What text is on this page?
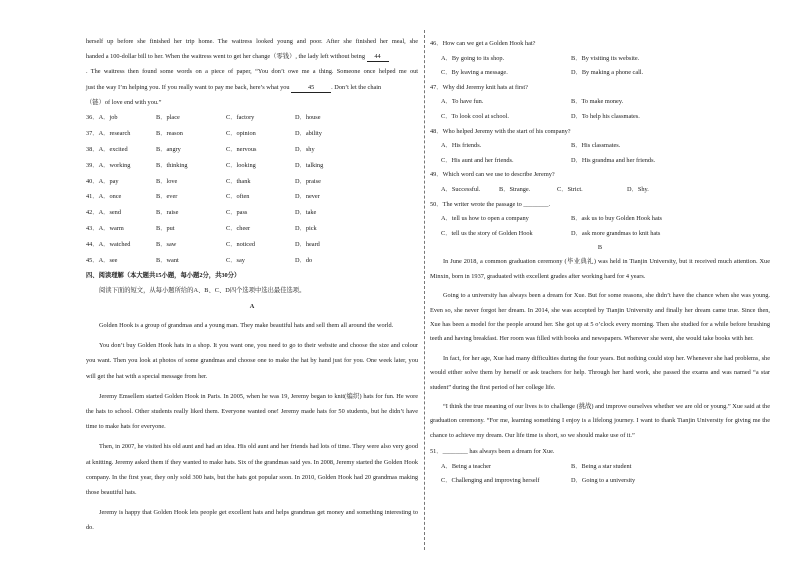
herself up before she finished her trip home. The waitress looked young and poor. After she finished her meal, she

handed a 100-dollar bill to her. When the waitress went to get her change（零钱）, the lady left without being 44

. The waitress then found some words on a piece of paper, “You don’t owe me a thing. Someone once helped me out

just the way I’m helping you. If you really want to pay me back, here’s what you	45	. Don’t let the chain

（链）of love end with you.”

36．A．job	B．place	C．factory	D．house
37．A．research	B．reason	C．opinion	D．ability
38．A．excited	B．angry	C．nervous	D．shy
39．A．working	B．thinking	C．looking	D．talking
40．A．pay	B．love	C．thank	D．praise
41．A．once	B．ever	C．often	D．never
42．A．send	B．raise	C．pass	D．take
43．A．warm	B．put	C．cheer	D．pick
44．A．watched	B．saw	C．noticed	D．heard
45．A．see	B．want	C．say	D．do

四、阅读理解（本大题共15小题，每小题2分，共30分）

阅读下面的短文，从每小题所给的A、B、C、D四个选项中选出最佳选项。

A

Golden Hook is a group of grandmas and a young man. They make beautiful hats and sell them all around the world.

You don’t buy Golden Hook hats in a shop. It you want one, you need to go to their website and choose the size and colour you want. Then you look at photos of some grandmas and choose one to make the hat by hand just for you. One week later, you will get the hat with a special message from her.

Jeremy Emsellem started Golden Hook in Paris. In 2005, when he was 19, Jeremy began to knit(编织) hats for fun. He wore the hats to school. Other students really liked them. Everyone wanted one! Jeremy made hats for 50 students, but he didn’t have time to make hats for everyone.

Then, in 2007, he visited his old aunt and had an idea. His old aunt and her friends had lots of time. They were also very good at knitting. Jeremy asked them if they wanted to make hats. Six of the grandmas said yes. In 2008, Jeremy started the Golden Hook company. In the first year, they only sold 300 hats, but the hats got popular soon. In 2010, Golden Hook had 20 grandmas making those beautiful hats.

Jeremy is happy that Golden Hook lets people get excellent hats and helps grandmas get money and something interesting to do.

46．How can we get a Golden Hook hat?
A．By going to its shop.	B．By visiting its website.
C．By leaving a message.	D．By making a phone call.
47．Why did Jeremy knit hats at first?
A．To have fun.	B．To make money.
C．To look cool at school.	D．To help his classmates.
48．Who helped Jeremy with the start of his company?
A．His friends.	B．His classmates.
C．His aunt and her friends.	D．His grandma and her friends.
49．Which word can we use to describe Jeremy?
A．Successful.	B．Strange.	C．Strict.	D．Shy.
50．The writer wrote the passage to ________.
A．tell us how to open a company	B．ask us to buy Golden Hook hats
C．tell us the story of Golden Hook	D．ask more grandmas to knit hats
B

In June 2018, a common graduation ceremony (毕业典礼) was held in Tianjin University, but it received much attention. Xue Minxin, born in 1937, graduated with excellent grades after working hard for 4 years.

Going to a university has always been a dream for Xue. But for some reasons, she didn’t have the chance when she was young. Even so, she never forgot her dream. In 2014, she was accepted by Tianjin University and finally her dream came true. Since then, Xue has been a model for the people around her. She got up at 5 o’clock every morning. Then she studied for a while before brushing teeth and having breakfast. Her room was filled with books and newspapers. Wherever she went, she would take books with her.

In fact, for her age, Xue had many difficulties during the four years. But nothing could stop her. Whenever she had problems, she would either solve them by herself or ask teachers for help. Through her hard work, she passed the exams and was named “a star student” during the first period of her college life.

“I think the true meaning of our lives is to challenge (挑战) and improve ourselves whether we are old or young.” Xue said at the graduation ceremony. “For me, learning something I enjoy is a lifelong journey. I want to thank Tianjin University for giving me the chance to achieve my dream. Our life time is short, so we should make use of it.”

51．________ has always been a dream for Xue.
A．Being a teacher	B．Being a star student
C．Challenging and improving herself	D．Going to a university
